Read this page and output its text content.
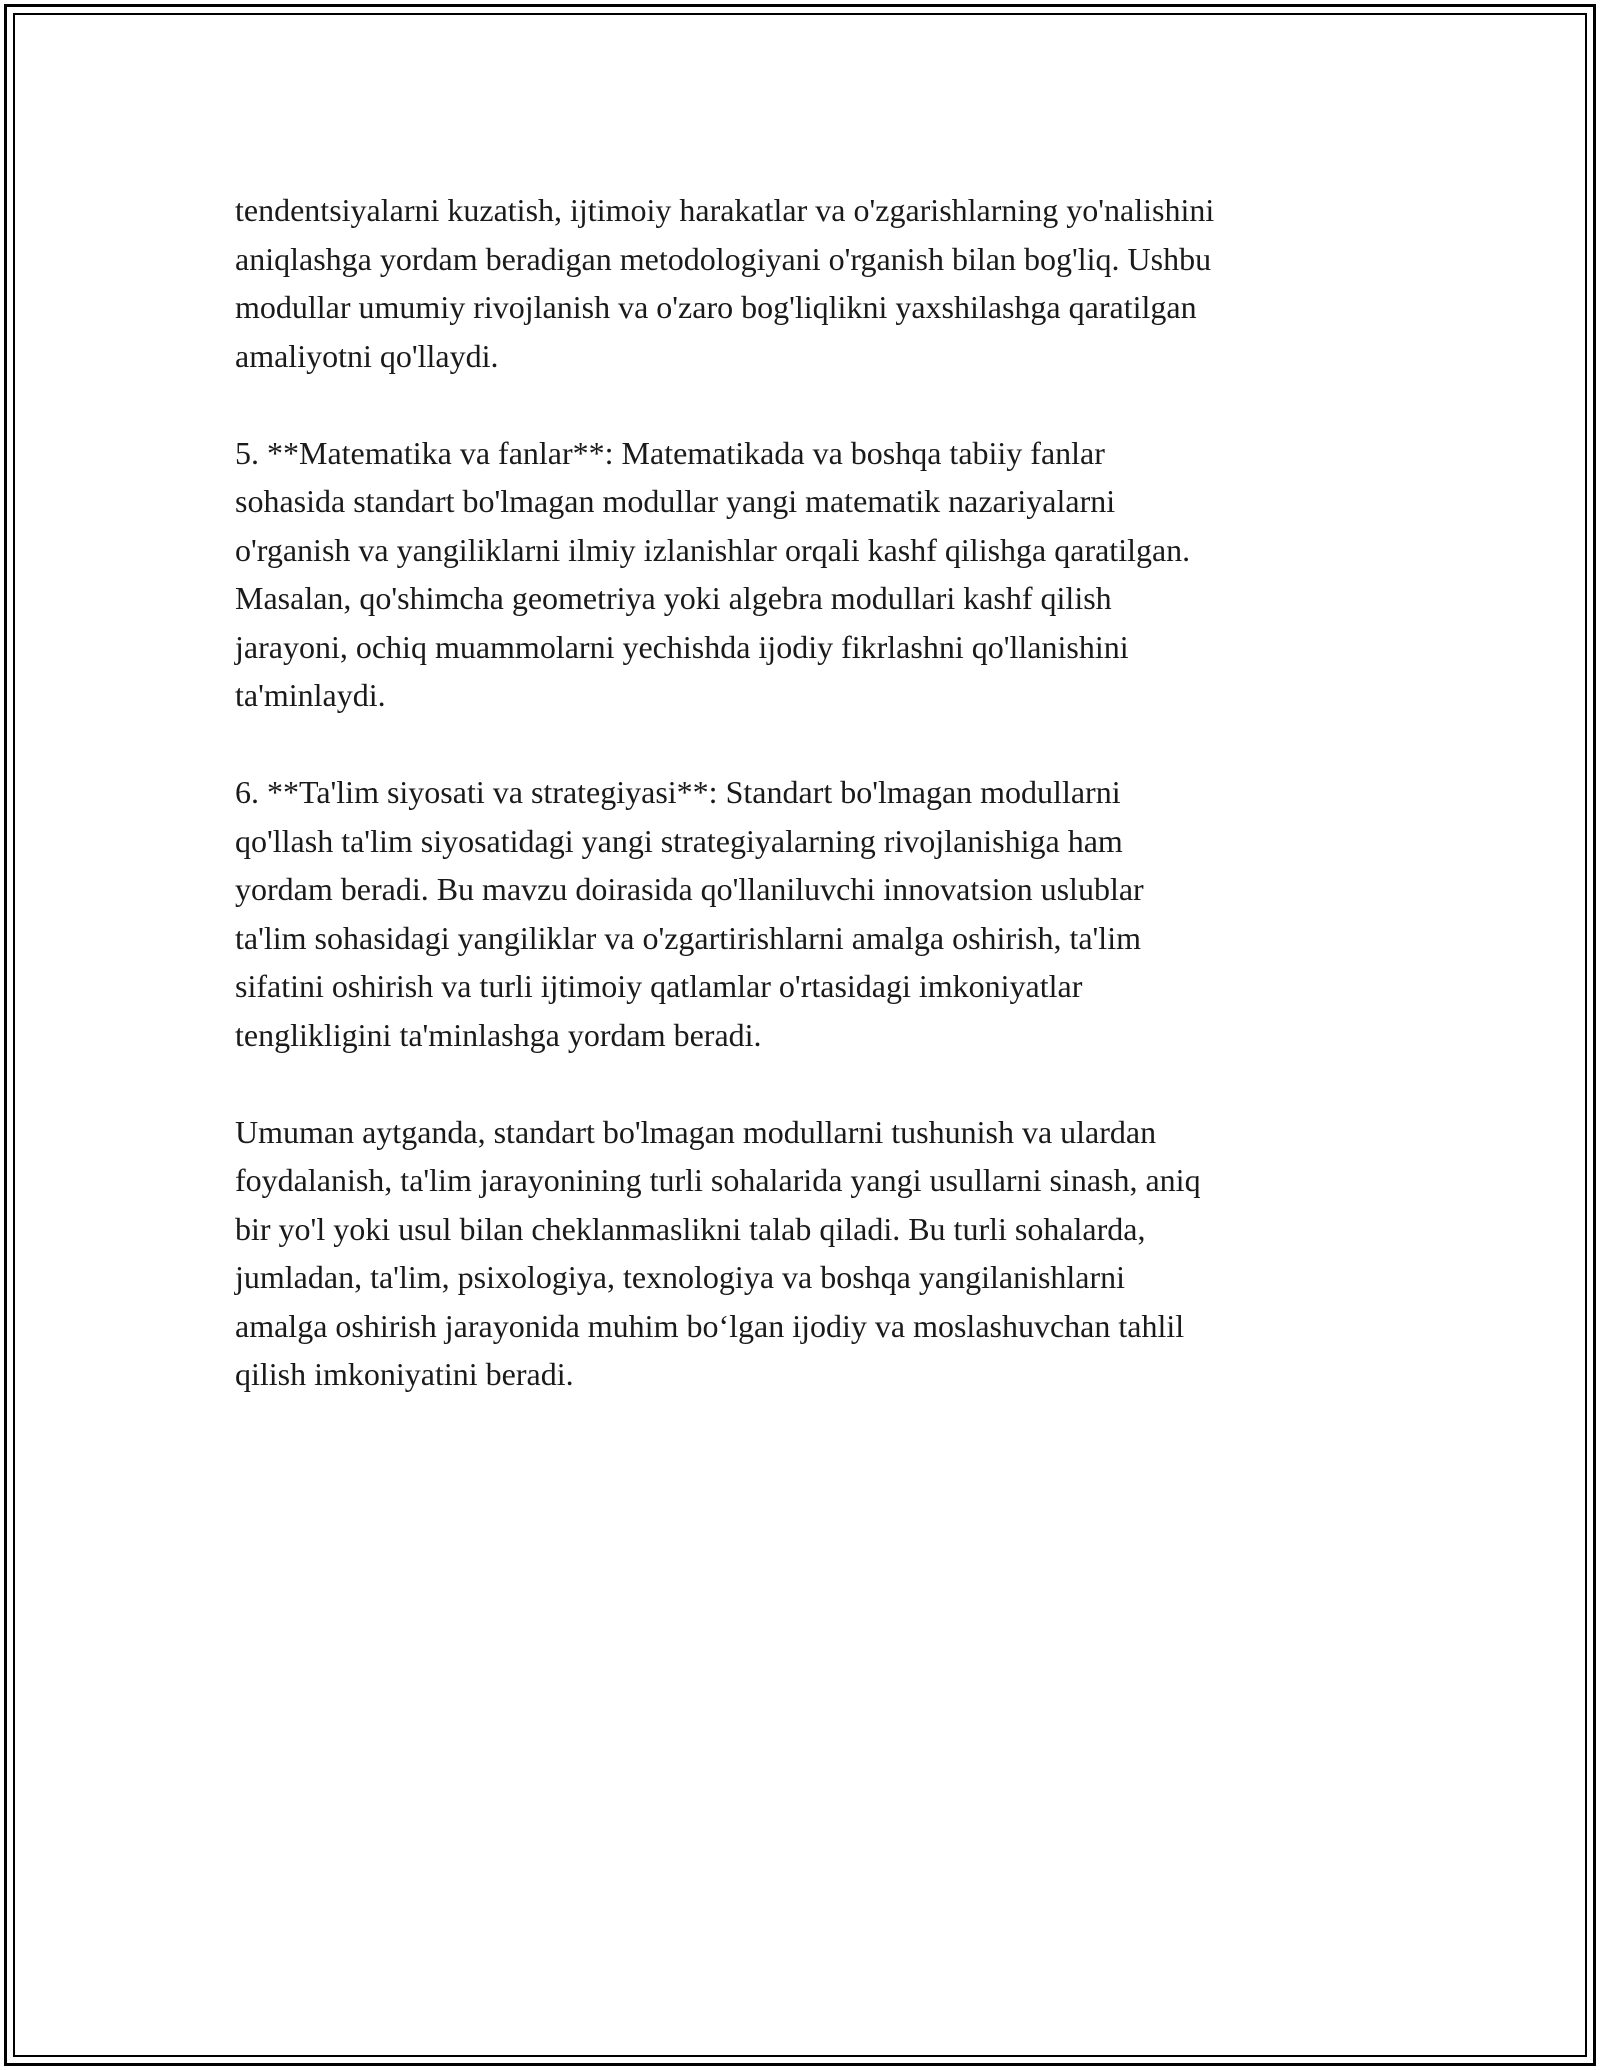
tendentsiyalarni kuzatish, ijtimoiy harakatlar va o'zgarishlarning yo'nalishini
aniqlashga yordam beradigan metodologiyani o'rganish bilan bog'liq. Ushbu
modullar umumiy rivojlanish va o'zaro bog'liqlikni yaxshilashga qaratilgan
amaliyotni qo'llaydi.
5. **Matematika va fanlar**: Matematikada va boshqa tabiiy fanlar
sohasida standart bo'lmagan modullar yangi matematik nazariyalarni
o'rganish va yangiliklarni ilmiy izlanishlar orqali kashf qilishga qaratilgan.
Masalan, qo'shimcha geometriya yoki algebra modullari kashf qilish
jarayoni, ochiq muammolarni yechishda ijodiy fikrlashni qo'llanishini
ta'minlaydi.
6. **Ta'lim siyosati va strategiyasi**: Standart bo'lmagan modullarni
qo'llash ta'lim siyosatidagi yangi strategiyalarning rivojlanishiga ham
yordam beradi. Bu mavzu doirasida qo'llaniluvchi innovatsion uslublar
ta'lim sohasidagi yangiliklar va o'zgartirishlarni amalga oshirish, ta'lim
sifatini oshirish va turli ijtimoiy qatlamlar o'rtasidagi imkoniyatlar
tenglikligini ta'minlashga yordam beradi.
Umuman aytganda, standart bo'lmagan modullarni tushunish va ulardan
foydalanish, ta'lim jarayonining turli sohalarida yangi usullarni sinash, aniq
bir yo'l yoki usul bilan cheklanmaslikni talab qiladi. Bu turli sohalarda,
jumladan, ta'lim, psixologiya, texnologiya va boshqa yangilanishlarni
amalga oshirish jarayonida muhim bo‘lgan ijodiy va moslashuvchan tahlil
qilish imkoniyatini beradi.
